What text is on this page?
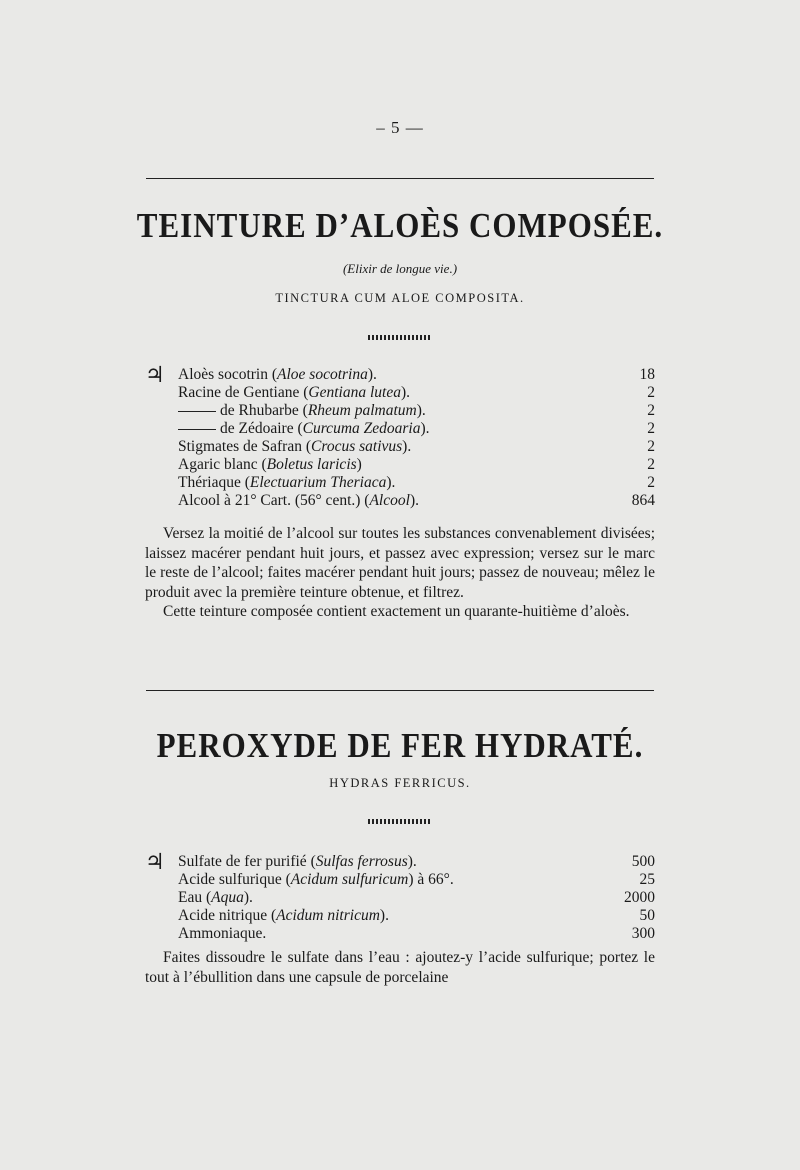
– 5 —
TEINTURE D’ALOÈS COMPOSÉE.
(Elixir de longue vie.)
TINCTURA CUM ALOE COMPOSITA.
♃ Aloès socotrin (Aloe socotrina).	18
Racine de Gentiane (Gentiana lutea).	2
de Rhubarbe (Rheum palmatum).	2
de Zédoaire (Curcuma Zedoaria).	2
Stigmates de Safran (Crocus sativus).	2
Agaric blanc (Boletus laricis)	2
Thériaque (Electuarium Theriaca).	2
Alcool à 21° Cart. (56° cent.) (Alcool).	864

Versez la moitié de l’alcool sur toutes les substances convenablement divisées; laissez macérer pendant huit jours, et passez avec expression; versez sur le marc le reste de l’alcool; faites macérer pendant huit jours; passez de nouveau; mêlez le produit avec la première teinture obtenue, et filtrez.

Cette teinture composée contient exactement un quarante-huitième d’aloès.

PEROXYDE DE FER HYDRATÉ.
HYDRAS FERRICUS.
♃ Sulfate de fer purifié (Sulfas ferrosus).	500
Acide sulfurique (Acidum sulfuricum) à 66°.	25
Eau (Aqua).	2000
Acide nitrique (Acidum nitricum).	50
Ammoniaque.	300

Faites dissoudre le sulfate dans l’eau : ajoutez-y l’acide sulfurique; portez le tout à l’ébullition dans une capsule de porcelaine
